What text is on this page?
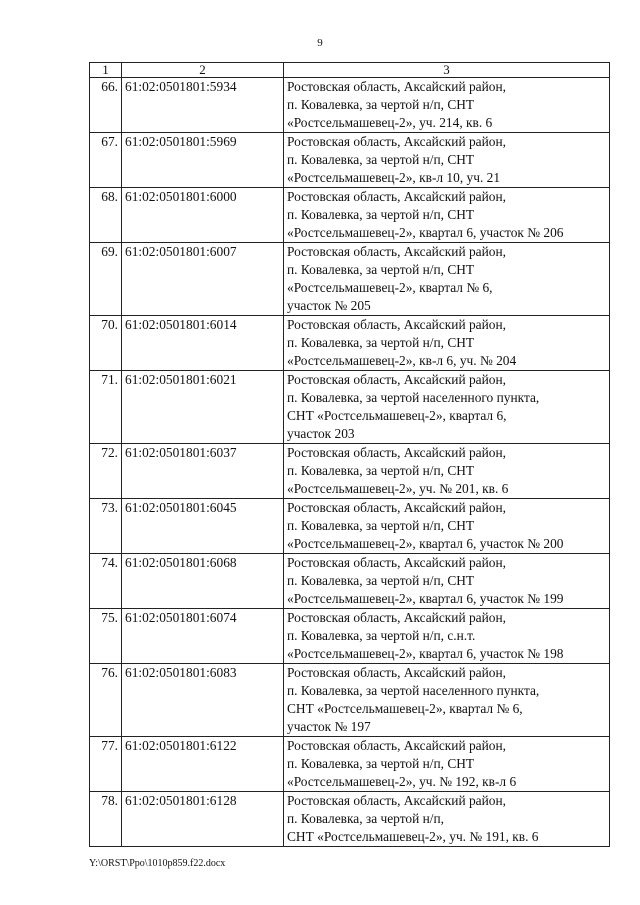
9
1	2	3
66.	61:02:0501801:5934	Ростовская область, Аксайский район,
п. Ковалевка, за чертой н/п, СНТ
«Ростсельмашевец-2», уч. 214, кв. 6

67.	61:02:0501801:5969	Ростовская область, Аксайский район,
п. Ковалевка, за чертой н/п, СНТ
«Ростсельмашевец-2», кв-л 10, уч. 21

68.	61:02:0501801:6000	Ростовская область, Аксайский район,
п. Ковалевка, за чертой н/п, СНТ
«Ростсельмашевец-2», квартал 6, участок № 206

69.	61:02:0501801:6007	Ростовская область, Аксайский район,
п. Ковалевка, за чертой н/п, СНТ
«Ростсельмашевец-2», квартал № 6,
участок № 205

70.	61:02:0501801:6014	Ростовская область, Аксайский район,
п. Ковалевка, за чертой н/п, СНТ
«Ростсельмашевец-2», кв-л 6, уч. № 204

71.	61:02:0501801:6021	Ростовская область, Аксайский район,
п. Ковалевка, за чертой населенного пункта,
СНТ «Ростсельмашевец-2», квартал 6,
участок 203

72.	61:02:0501801:6037	Ростовская область, Аксайский район,
п. Ковалевка, за чертой н/п, СНТ
«Ростсельмашевец-2», уч. № 201, кв. 6

73.	61:02:0501801:6045	Ростовская область, Аксайский район,
п. Ковалевка, за чертой н/п, СНТ
«Ростсельмашевец-2», квартал 6, участок № 200

74.	61:02:0501801:6068	Ростовская область, Аксайский район,
п. Ковалевка, за чертой н/п, СНТ
«Ростсельмашевец-2», квартал 6, участок № 199

75.	61:02:0501801:6074	Ростовская область, Аксайский район,
п. Ковалевка, за чертой н/п, с.н.т.
«Ростсельмашевец-2», квартал 6, участок № 198

76.	61:02:0501801:6083	Ростовская область, Аксайский район,
п. Ковалевка, за чертой населенного пункта,
СНТ «Ростсельмашевец-2», квартал № 6,
участок № 197

77.	61:02:0501801:6122	Ростовская область, Аксайский район,
п. Ковалевка, за чертой н/п, СНТ
«Ростсельмашевец-2», уч. № 192, кв-л 6

78.	61:02:0501801:6128	Ростовская область, Аксайский район,
п. Ковалевка, за чертой н/п,
СНТ «Ростсельмашевец-2», уч. № 191, кв. 6
Y:\ORST\Ppo\1010p859.f22.docx
